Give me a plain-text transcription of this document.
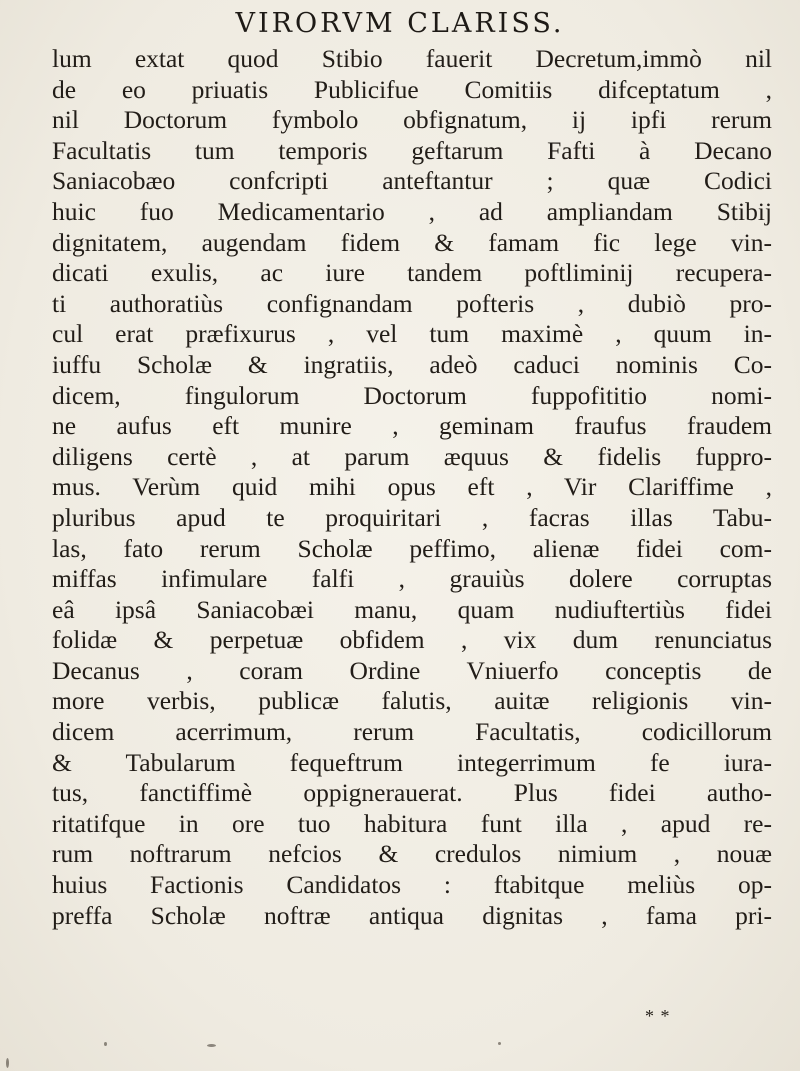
VIRORVM CLARISS.
lum extat quod Stibio fauerit Decretum,immò nil
de eo priuatis Publicifue Comitiis difceptatum ,
nil Doctorum fymbolo obfignatum, ij ipfi rerum
Facultatis tum temporis geftarum Fafti à Decano
Saniacobæo confcripti anteftantur ; quæ Codici
huic fuo Medicamentario , ad ampliandam Stibij
dignitatem, augendam fidem & famam fic lege vin-
dicati exulis, ac iure tandem poftliminij recupera-
ti authoratiùs confignandam pofteris , dubiò pro-
cul erat præfixurus , vel tum maximè , quum in-
iuffu Scholæ & ingratiis, adeò caduci nominis Co-
dicem, fingulorum Doctorum fuppofititio nomi-
ne aufus eft munire , geminam fraufus fraudem
diligens certè , at parum æquus & fidelis fuppro-
mus. Verùm quid mihi opus eft , Vir Clariffime ,
pluribus apud te proquiritari , facras illas Tabu-
las, fato rerum Scholæ peffimo, alienæ fidei com-
miffas infimulare falfi , grauiùs dolere corruptas
eâ ipsâ Saniacobæi manu, quam nudiuftertiùs fidei
folidæ & perpetuæ obfidem , vix dum renunciatus
Decanus , coram Ordine Vniuerfo conceptis de
more verbis, publicæ falutis, auitæ religionis vin-
dicem acerrimum, rerum Facultatis, codicillorum
& Tabularum fequeftrum integerrimum fe iura-
tus, fanctiffimè oppignerauerat. Plus fidei autho-
ritatifque in ore tuo habitura funt illa , apud re-
rum noftrarum nefcios & credulos nimium , nouæ
huius Factionis Candidatos : ftabitque meliùs op-
preffa Scholæ noftræ antiqua dignitas , fama pri-
* *
